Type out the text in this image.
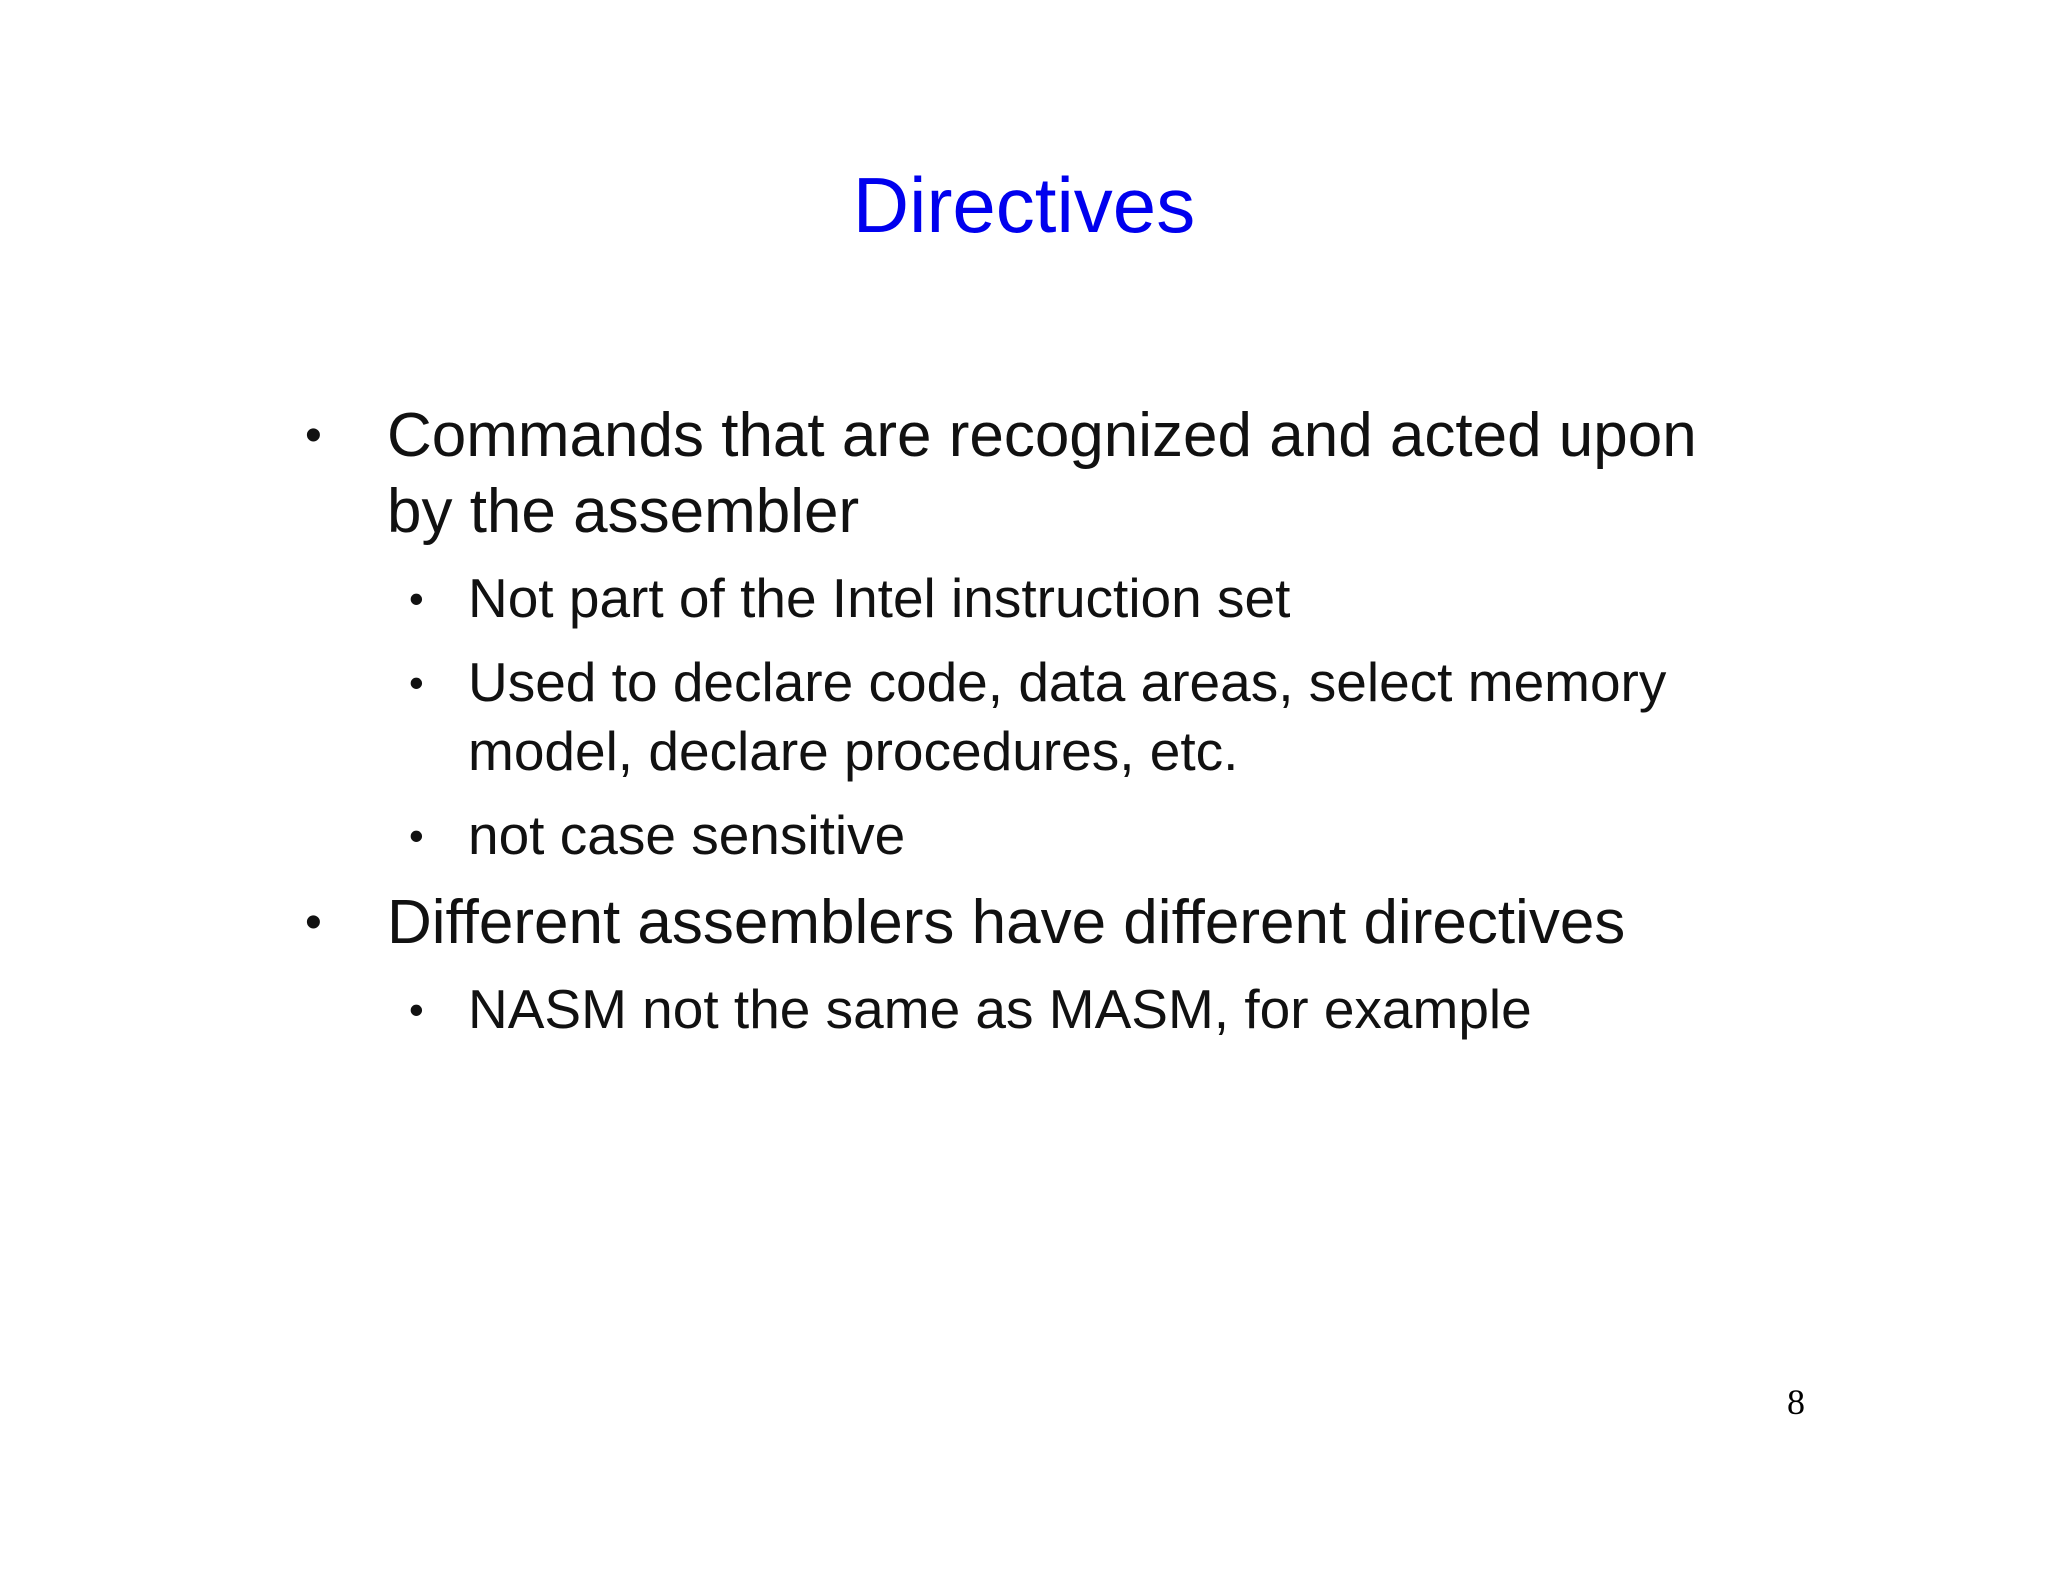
Directives
• Commands that are recognized and acted upon by the assembler
• Not part of the Intel instruction set
• Used to declare code, data areas, select memory model, declare procedures, etc.
• not case sensitive
• Different assemblers have different directives
• NASM not the same as MASM, for example
8
